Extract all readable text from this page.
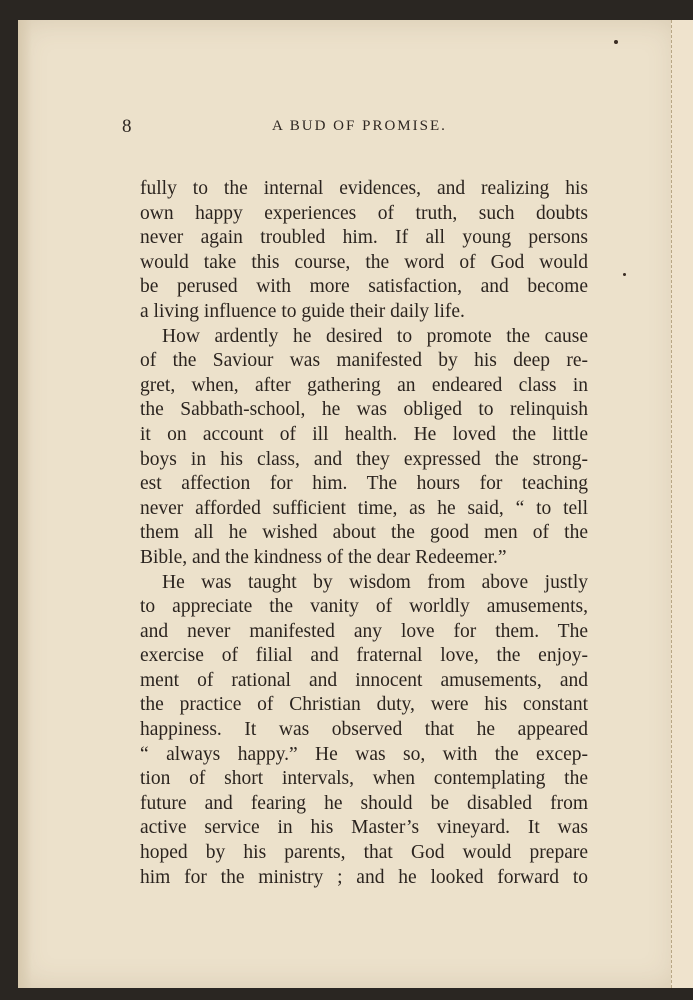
8	A BUD OF PROMISE.
fully to the internal evidences, and realizing his
own happy experiences of truth, such doubts
never again troubled him. If all young persons
would take this course, the word of God would
be perused with more satisfaction, and become
a living influence to guide their daily life.
How ardently he desired to promote the cause
of the Saviour was manifested by his deep re-
gret, when, after gathering an endeared class in
the Sabbath-school, he was obliged to relinquish
it on account of ill health. He loved the little
boys in his class, and they expressed the strong-
est affection for him. The hours for teaching
never afforded sufficient time, as he said, “ to tell
them all he wished about the good men of the
Bible, and the kindness of the dear Redeemer.”
He was taught by wisdom from above justly
to appreciate the vanity of worldly amusements,
and never manifested any love for them. The
exercise of filial and fraternal love, the enjoy-
ment of rational and innocent amusements, and
the practice of Christian duty, were his constant
happiness. It was observed that he appeared
“ always happy.” He was so, with the excep-
tion of short intervals, when contemplating the
future and fearing he should be disabled from
active service in his Master’s vineyard. It was
hoped by his parents, that God would prepare
him for the ministry ; and he looked forward to
